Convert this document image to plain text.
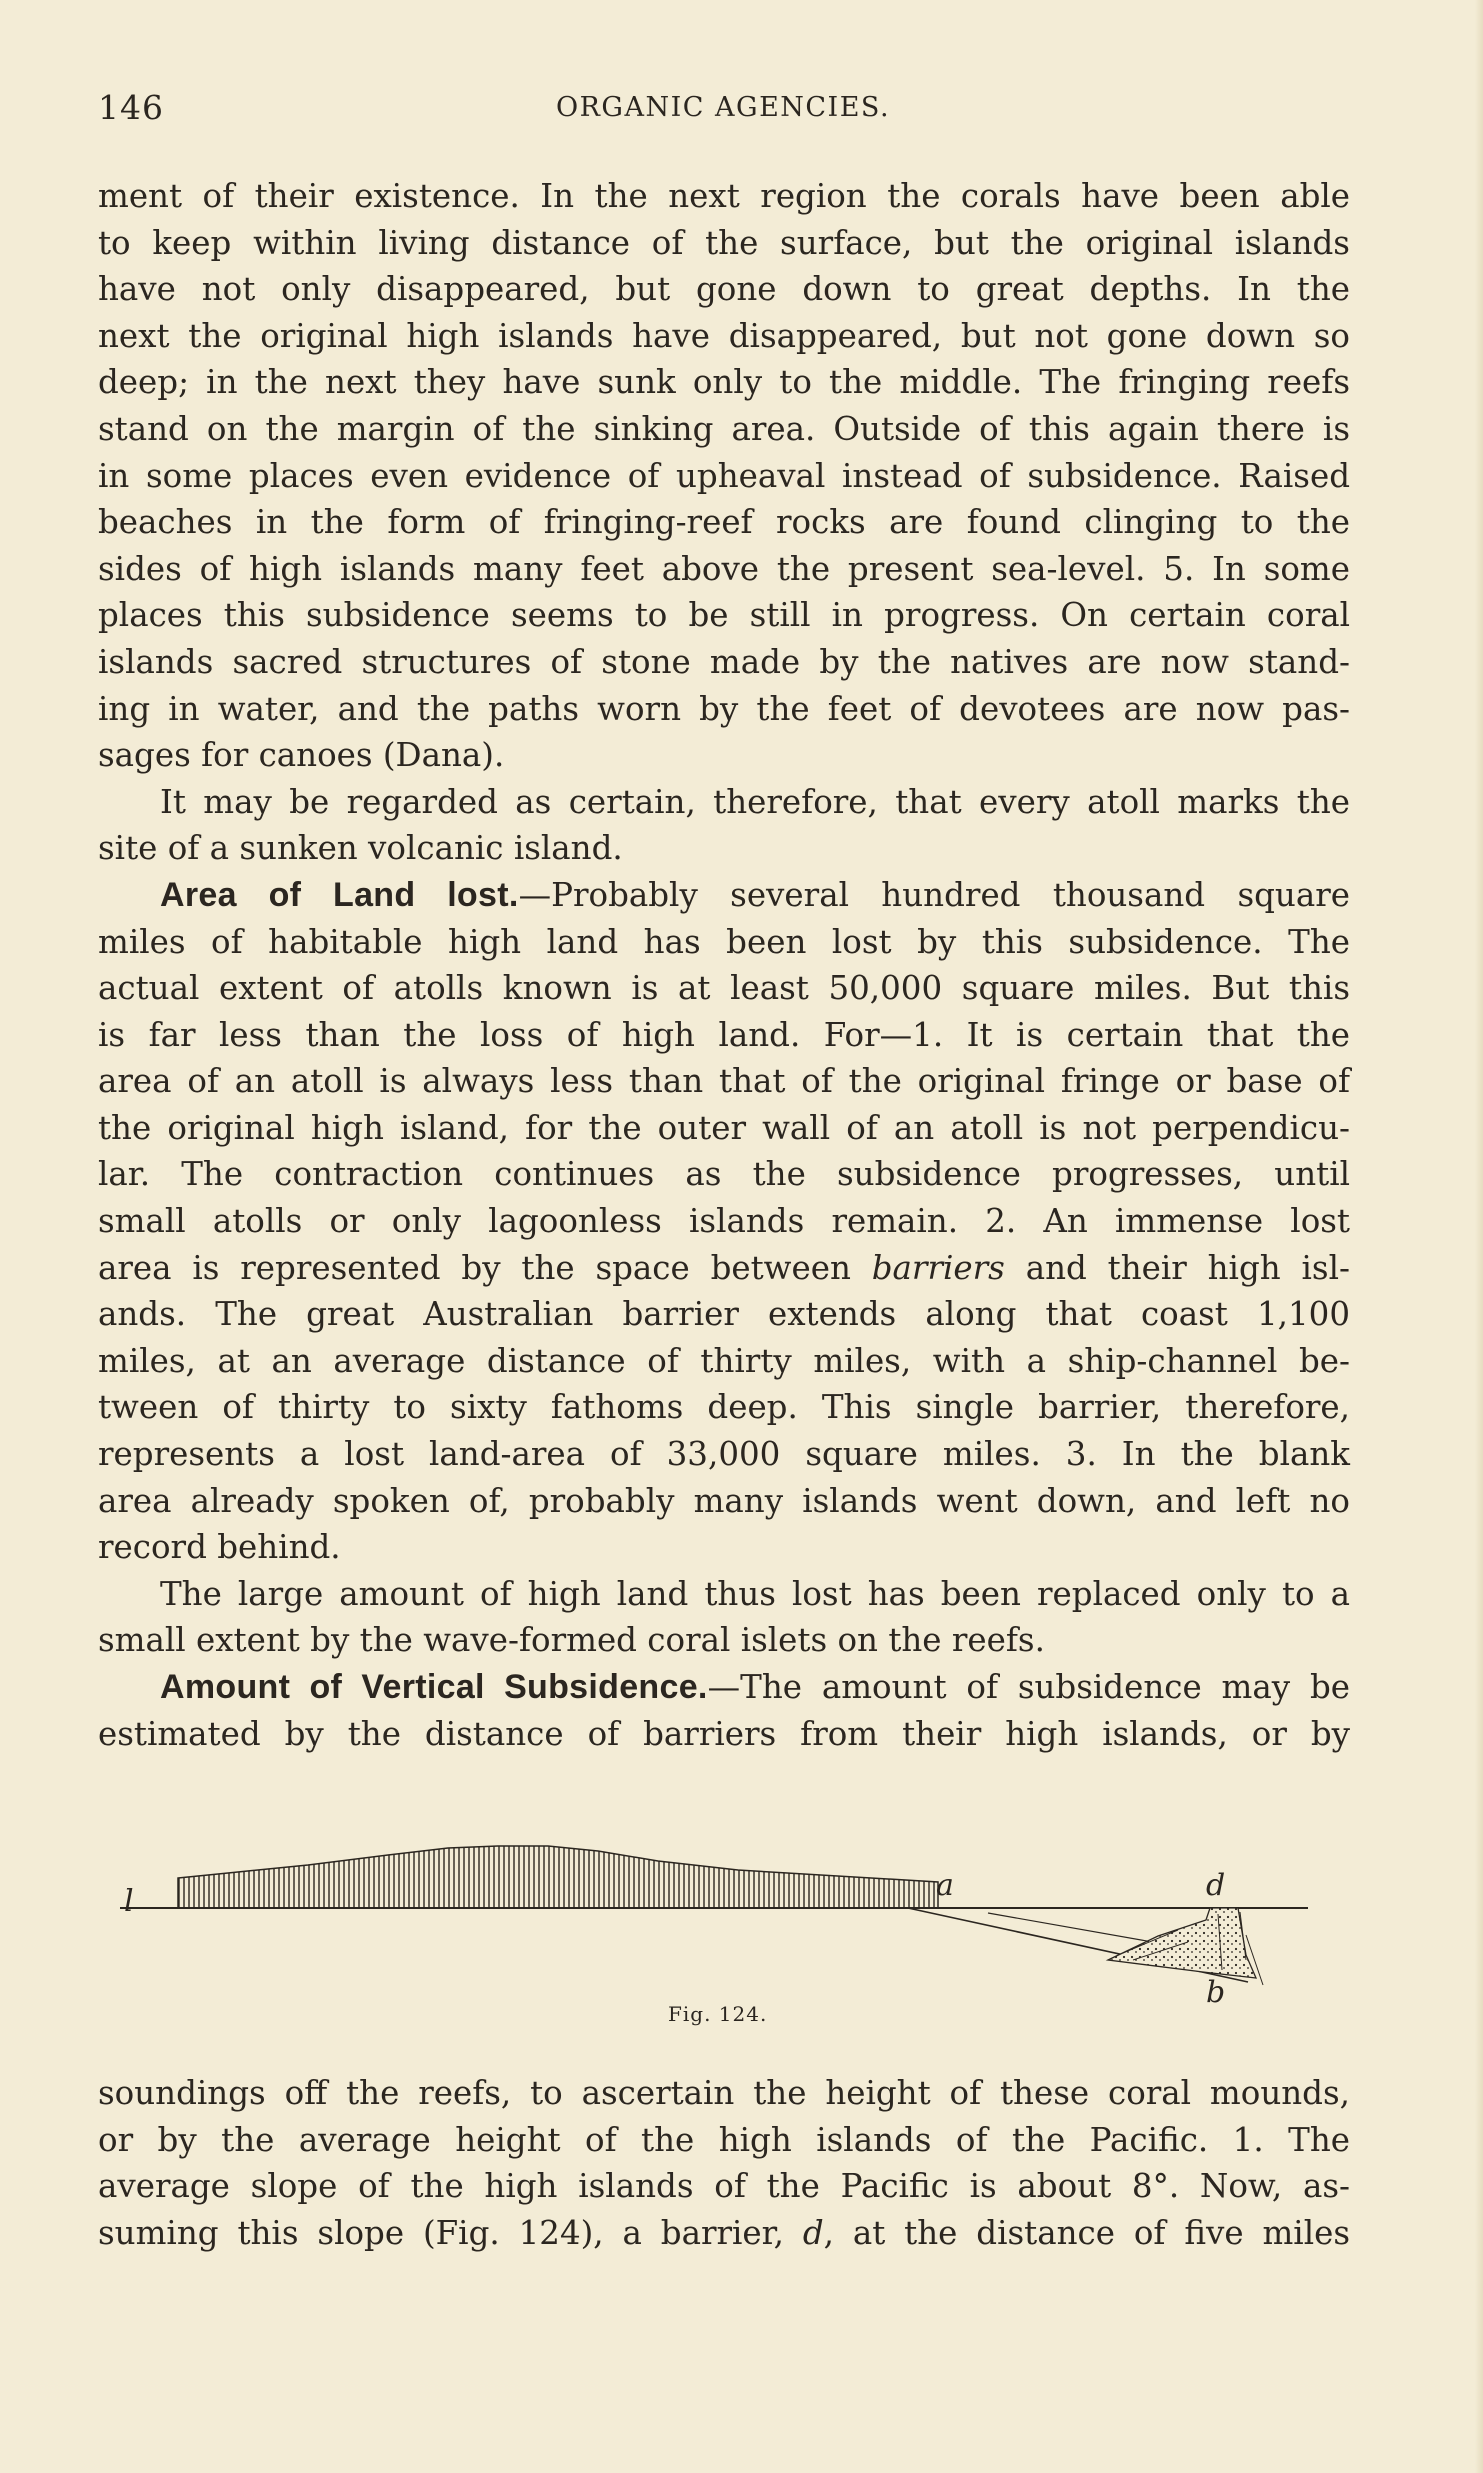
146	ORGANIC AGENCIES.
ment of their existence. In the next region the corals have been able
to keep within living distance of the surface, but the original islands
have not only disappeared, but gone down to great depths. In the
next the original high islands have disappeared, but not gone down so
deep; in the next they have sunk only to the middle. The fringing reefs
stand on the margin of the sinking area. Outside of this again there is
in some places even evidence of upheaval instead of subsidence. Raised
beaches in the form of fringing-reef rocks are found clinging to the
sides of high islands many feet above the present sea-level. 5. In some
places this subsidence seems to be still in progress. On certain coral
islands sacred structures of stone made by the natives are now stand-
ing in water, and the paths worn by the feet of devotees are now pas-
sages for canoes (Dana).
It may be regarded as certain, therefore, that every atoll marks the
site of a sunken volcanic island.
Area of Land lost.—Probably several hundred thousand square
miles of habitable high land has been lost by this subsidence. The
actual extent of atolls known is at least 50,000 square miles. But this
is far less than the loss of high land. For—1. It is certain that the
area of an atoll is always less than that of the original fringe or base of
the original high island, for the outer wall of an atoll is not perpendicu-
lar. The contraction continues as the subsidence progresses, until
small atolls or only lagoonless islands remain. 2. An immense lost
area is represented by the space between barriers and their high isl-
ands. The great Australian barrier extends along that coast 1,100
miles, at an average distance of thirty miles, with a ship-channel be-
tween of thirty to sixty fathoms deep. This single barrier, therefore,
represents a lost land-area of 33,000 square miles. 3. In the blank
area already spoken of, probably many islands went down, and left no
record behind.
The large amount of high land thus lost has been replaced only to a
small extent by the wave-formed coral islets on the reefs.
Amount of Vertical Subsidence.—The amount of subsidence may be
estimated by the distance of barriers from their high islands, or by
l	a	d
b
Fig. 124.
soundings off the reefs, to ascertain the height of these coral mounds,
or by the average height of the high islands of the Pacific. 1. The
average slope of the high islands of the Pacific is about 8°. Now, as-
suming this slope (Fig. 124), a barrier, d, at the distance of five miles
